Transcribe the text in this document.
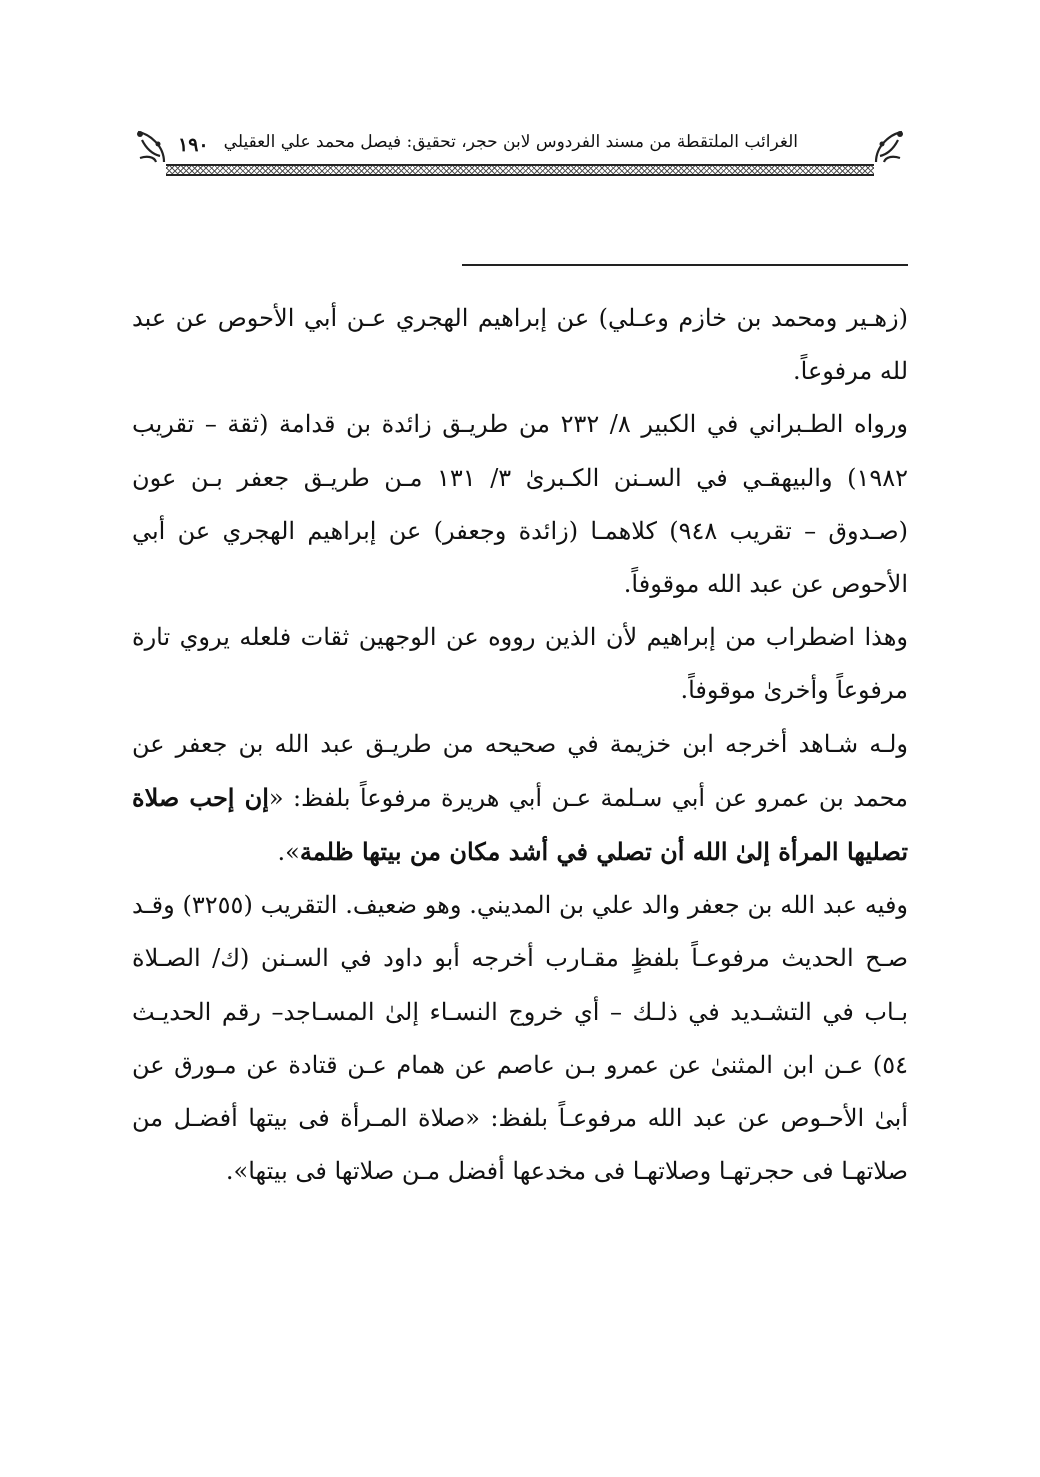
الغرائب الملتقطة من مسند الفردوس لابن حجر، تحقيق: فيصل محمد علي العقيلي
١٩٠

(زهـير ومحمد بن خازم وعـلي) عن إبراهيم الهجري عـن أبي الأحوص عن عبد لله مرفوعاً.

ورواه الطـبراني في الكبير ٨/ ٢٣٢ من طريـق زائدة بن قدامة (ثقة – تقريب ١٩٨٢) والبيهقـي في السـنن الكـبرىٰ ٣/ ١٣١ مـن طريـق جعفر بـن عون (صـدوق – تقريب ٩٤٨) كلاهمـا (زائدة وجعفر) عن إبراهيم الهجري عن أبي الأحوص عن عبد الله موقوفاً.

وهذا اضطراب من إبراهيم لأن الذين رووه عن الوجهين ثقات فلعله يروي تارة مرفوعاً وأخرىٰ موقوفاً.

ولـه شـاهد أخرجه ابن خزيمة في صحيحه من طريـق عبد الله بن جعفر عن محمد بن عمرو عن أبي سـلمة عـن أبي هريرة مرفوعاً بلفظ: «إن إحب صلاة تصليها المرأة إلىٰ الله أن تصلي في أشد مكان من بيتها ظلمة».

وفيه عبد الله بن جعفر والد علي بن المديني. وهو ضعيف. التقريب (٣٢٥٥) وقـد صـح الحديث مرفوعـاً بلفظٍ مقـارب أخرجه أبو داود في السـنن (ك/ الصـلاة بـاب في التشـديد في ذلـك – أي خروج النسـاء إلىٰ المسـاجد– رقم الحديـث ٥٤) عـن ابن المثنىٰ عن عمرو بـن عاصم عن همام عـن قتادة عن مـورق عن أبىٰ الأحـوص عن عبد الله مرفوعـاً بلفظ: «صلاة المـرأة فى بيتها أفضـل من صلاتهـا فى حجرتهـا وصلاتهـا فى مخدعها أفضل مـن صلاتها فى بيتها».
